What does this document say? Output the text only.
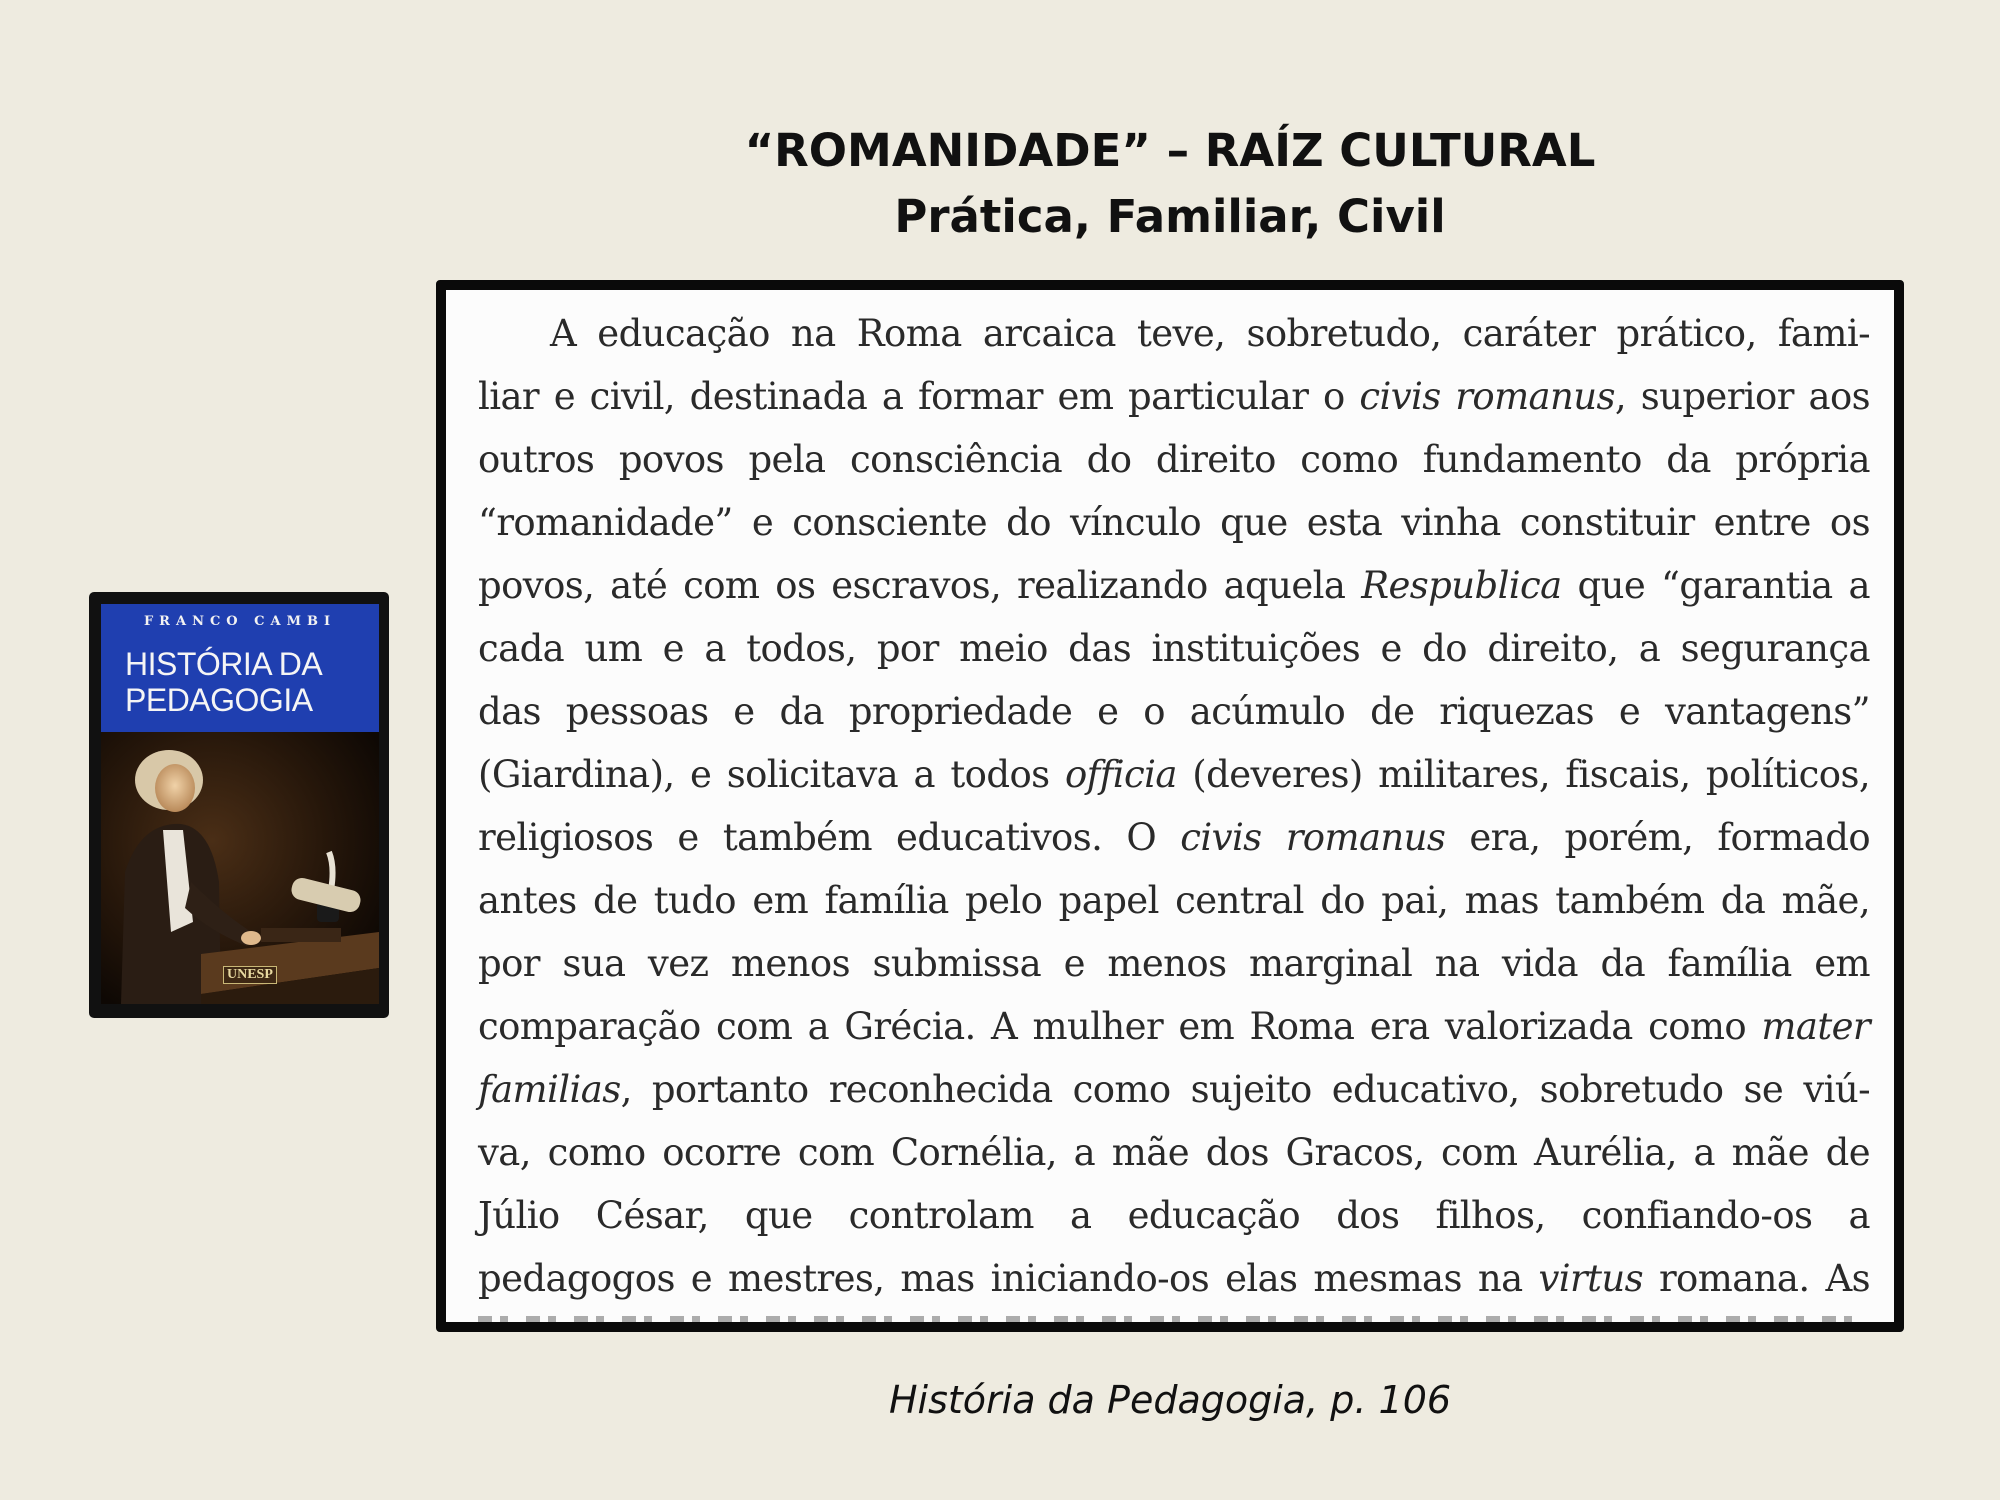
“ROMANIDADE” – RAÍZ CULTURAL
Prática, Familiar, Civil
FRANCO CAMBI
HISTÓRIA DA
PEDAGOGIA
UNESP
A educação na Roma arcaica teve, sobretudo, caráter prático, fami-
liar e civil, destinada a formar em particular o civis romanus, superior aos
outros povos pela consciência do direito como fundamento da própria
“romanidade” e consciente do vínculo que esta vinha constituir entre os
povos, até com os escravos, realizando aquela Respublica que “garantia a
cada um e a todos, por meio das instituições e do direito, a segurança
das pessoas e da propriedade e o acúmulo de riquezas e vantagens”
(Giardina), e solicitava a todos officia (deveres) militares, fiscais, políticos,
religiosos e também educativos. O civis romanus era, porém, formado
antes de tudo em família pelo papel central do pai, mas também da mãe,
por sua vez menos submissa e menos marginal na vida da família em
comparação com a Grécia. A mulher em Roma era valorizada como mater
familias, portanto reconhecida como sujeito educativo, sobretudo se viú-
va, como ocorre com Cornélia, a mãe dos Gracos, com Aurélia, a mãe de
Júlio César, que controlam a educação dos filhos, confiando-os a
pedagogos e mestres, mas iniciando-os elas mesmas na virtus romana. As
História da Pedagogia, p. 106
